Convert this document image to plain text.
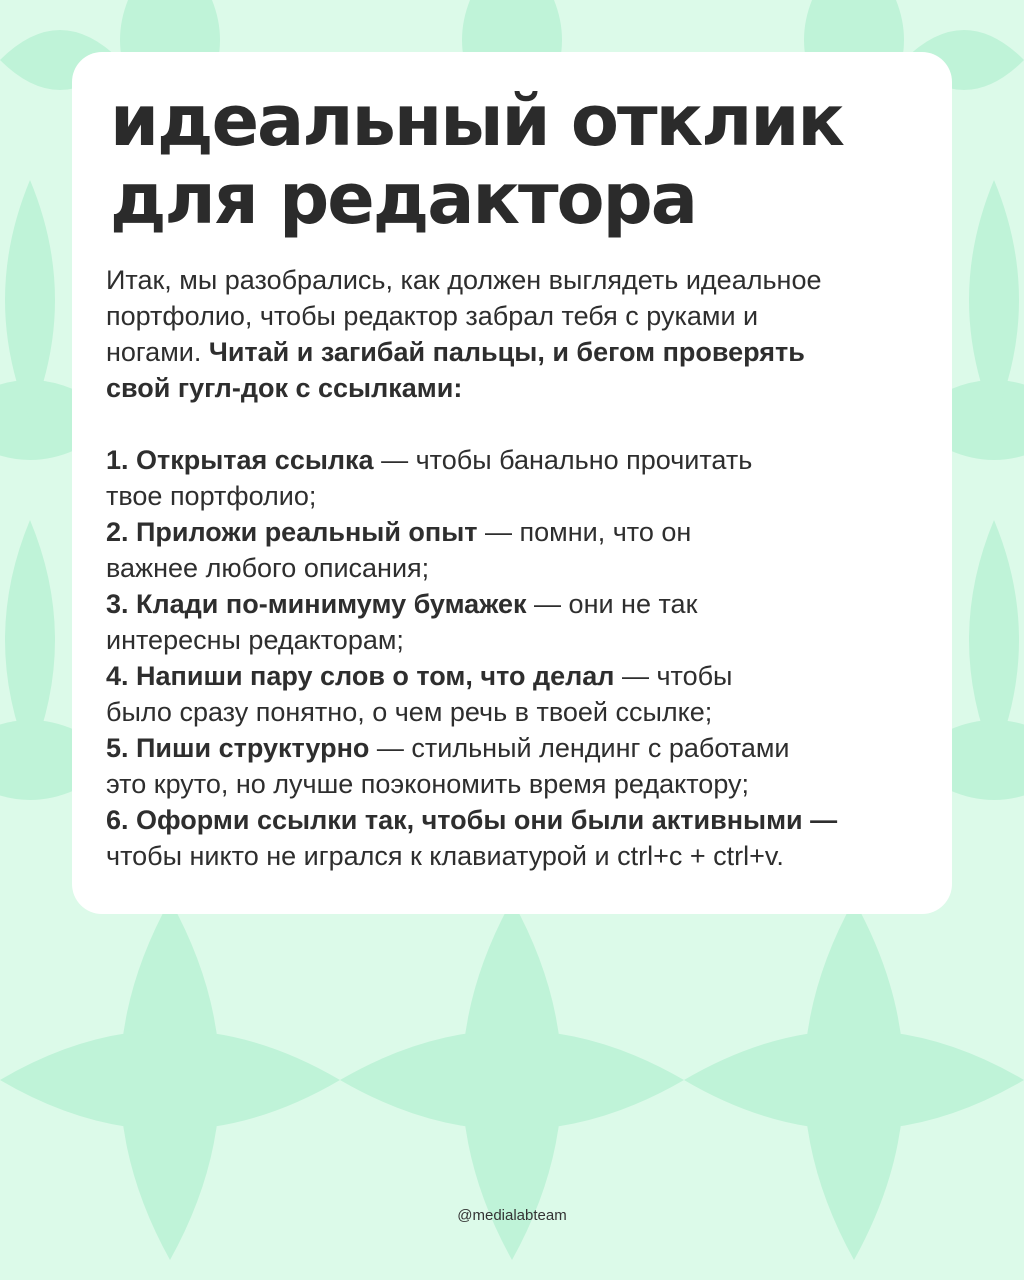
идеальный отклик
для редактора

Итак, мы разобрались, как должен выглядеть идеальное
портфолио, чтобы редактор забрал тебя с руками и
ногами. Читай и загибай пальцы, и бегом проверять
свой гугл-док с ссылками:

1. Открытая ссылка — чтобы банально прочитать
твое портфолио;
2. Приложи реальный опыт — помни, что он
важнее любого описания;
3. Клади по-минимуму бумажек — они не так
интересны редакторам;
4. Напиши пару слов о том, что делал — чтобы
было сразу понятно, о чем речь в твоей ссылке;
5. Пиши структурно — стильный лендинг с работами
это круто, но лучше поэкономить время редактору;
6. Оформи ссылки так, чтобы они были активными —
чтобы никто не игрался к клавиатурой и ctrl+c + ctrl+v.
@medialabteam
